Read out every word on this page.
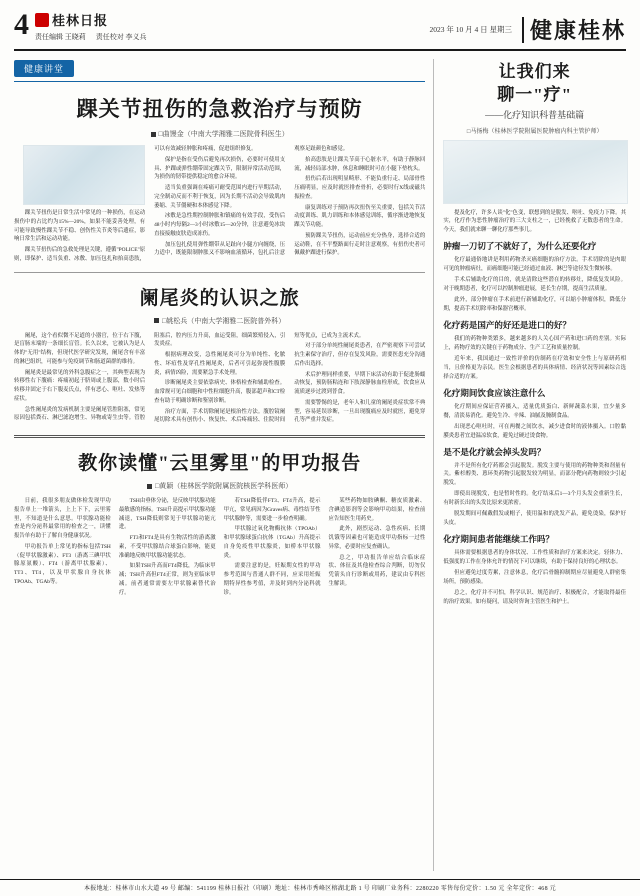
4 桂林日报
责任编辑 王晓莉 责任校对 李义兵
2023 年 10 月 4 日 星期三 健康桂林
健康讲堂
踝关节扭伤的急救治疗与预防
□曲馒金（中南大学湘雅二医院骨科医生）

踝关节扭伤是日常生活中常见的一种损伤，在运动损伤中的占比约为15%—20%，如果不能妥善处理，有可能导致慢性踝关节不稳、创伤性关节炎等后遗症，影响日常生活和运动功能。

踝关节扭伤后的急救处理是关键，遵循"POLICE"原则，即保护、适当负重、冰敷、加压包扎和抬高患肢，可以有效减轻肿胀和疼痛，促进组织修复。

保护是指在受伤后避免再次损伤，必要时可使用支具、护踝或弹性绷带固定踝关节，限制异常活动范围，为损伤的韧带提供稳定的愈合环境。

适当负重强调在疼痛可耐受范围内进行早期活动，完全制动反而不利于恢复，因为长期不活动会导致肌肉萎缩、关节僵硬和本体感觉下降。

冰敷是急性期控制肿胀和镇痛的有效手段，受伤后48小时内每隔2—3小时冰敷15—20分钟，注意避免冰块直接接触皮肤造成冻伤。

加压包扎使用弹性绷带从足趾向小腿方向缠绕，压力适中，既能限制肿胀又不影响血液循环，包扎后注意观察足趾颜色和感觉。

抬高患肢是让踝关节高于心脏水平，有助于静脉回流，减轻局部水肿，休息和睡眠时可在小腿下垫枕头。

扭伤后若出现明显畸形、不能负重行走、局部骨性压痛明显，应及时就医排查骨折，必要时行X线或磁共振检查。

康复训练对于预防再次扭伤至关重要，包括关节活动度训练、肌力训练和本体感觉训练，循序渐进地恢复踝关节功能。

预防踝关节扭伤，运动前应充分热身，选择合适的运动鞋，在不平整路面行走时注意观察，有扭伤史者可佩戴护踝进行保护。

阑尾炎的认识之旅
□姚松兵（中南大学湘雅二医院普外科）

阑尾，这个看似微不足道的小器官，位于右下腹，是盲肠末端的一条细长盲管。长久以来，它被认为是人体的"无用"结构，但现代医学研究发现，阑尾含有丰富的淋巴组织，可能参与免疫调节和肠道菌群的维持。

阑尾炎是最常见的外科急腹症之一，其典型表现为转移性右下腹痛：疼痛初起于脐周或上腹部，数小时后转移并固定于右下腹麦氏点，伴有恶心、呕吐、发热等症状。

急性阑尾炎的发病机制主要是阑尾管腔阻塞，常见原因包括粪石、淋巴滤泡增生、异物或寄生虫等。管腔阻塞后，腔内压力升高，血运受阻，细菌繁殖侵入，引发炎症。

根据病理改变，急性阑尾炎可分为单纯性、化脓性、坏疽性及穿孔性阑尾炎，后者可引起弥漫性腹膜炎，病情凶险，需要紧急手术处理。

诊断阑尾炎主要依靠病史、体格检查和辅助检查。血常规可见白细胞和中性粒细胞升高，腹部超声和CT检查有助于明确诊断和鉴别诊断。

治疗方面，手术切除阑尾是根治性方法。腹腔镜阑尾切除术具有创伤小、恢复快、术后疼痛轻、住院时间短等优点，已成为主流术式。

对于部分单纯性阑尾炎患者，在严密观察下可尝试抗生素保守治疗，但存在复发风险，需要医患充分沟通后作出选择。

术后护理同样重要，早期下床活动有助于促进肠蠕动恢复，预防肠粘连和下肢深静脉血栓形成，饮食应从流质逐步过渡到普食。

需要警惕的是，老年人和儿童的阑尾炎症状常不典型，容易延误诊断，一旦出现腹痛应及时就医，避免穿孔等严重并发症。

教你读懂"云里雾里"的甲功报告
□黄颖（桂林医学院附属医院核医学科医师）

日前，我很多朋友做体检发现甲功报告单上一堆箭头，上上下下，云里雾里，不知道是什么意思。甲状腺功能检查是内分泌科最常用的检查之一，读懂报告单有助于了解自身健康状况。

甲功报告单上常见的指标包括TSH（促甲状腺激素）、FT3（游离三碘甲状腺原氨酸）、FT4（游离甲状腺素）、TT3、TT4，以及甲状腺自身抗体TPOAb、TGAb等。

TSH由垂体分泌，是反映甲状腺功能最敏感的指标。TSH升高提示甲状腺功能减退，TSH降低则常见于甲状腺功能亢进。

FT3和FT4是具有生物活性的游离激素，不受甲状腺结合球蛋白影响，能更准确地反映甲状腺功能状态。

如果TSH升高而FT4降低，为临床甲减；TSH升高但FT4正常，则为亚临床甲减。前者通常需要左甲状腺素替代治疗。

若TSH降低伴FT3、FT4升高，提示甲亢，常见病因为Graves病、毒性结节性甲状腺肿等，需要进一步检查明确。

甲状腺过氧化物酶抗体（TPOAb）和甲状腺球蛋白抗体（TGAb）升高提示自身免疫性甲状腺炎，如桥本甲状腺炎。

需要注意的是，妊娠期女性的甲功参考范围与普通人群不同，应采用妊娠期特异性参考值，并及时到内分泌科就诊。

某些药物如胺碘酮、糖皮质激素、含碘造影剂等会影响甲功结果，检查前应告知医生用药史。

此外，剧烈运动、急性疾病、长期饥饿等因素也可能造成甲功指标一过性异常，必要时应复查确认。

总之，甲功报告单应结合临床症状、体征及其他检查综合判断，切勿仅凭箭头自行诊断或用药，建议由专科医生解读。

让我们来
聊一"疗"
——化疗知识科普基础篇
□马扬梅（桂林医学院附属医院肿瘤内科主管护师）

提及化疗，许多人谈"化"色变，联想到的是脱发、呕吐、免疫力下降。其实，化疗作为恶性肿瘤治疗的三大支柱之一，已经挽救了无数患者的生命。今天，我们就来聊一聊化疗那些事儿。

肿瘤一刀切了不就好了，为什么还要化疗

化疗最通俗地讲是利用药物杀灭癌细胞的治疗方法。手术切除的是肉眼可见的肿瘤病灶，而癌细胞可能已经通过血液、淋巴等途径发生微转移。

手术后辅助化疗的目的，就是清除这些潜在的转移灶，降低复发风险。对于晚期患者，化疗可以控制肿瘤进展，延长生存期，提高生活质量。

此外，部分肿瘤在手术前进行新辅助化疗，可以缩小肿瘤体积，降低分期，提高手术切除率和保器官概率。

化疗药是国产的好还是进口的好？

我们的药物种类繁多，越来越多的人关心国产药和进口药的差别。实际上，药物疗效的关键在于药物成分、生产工艺和质量控制。

近年来，我国通过一致性评价的仿制药在疗效和安全性上与原研药相当，且价格更为亲民。医生会根据患者的具体病情、经济状况等因素综合选择合适的方案。

化疗期间饮食应该注意什么

化疗期间应保证营养摄入，适量优质蛋白、新鲜蔬菜水果，宜少量多餐，清淡易消化。避免生冷、辛辣、油腻及腌制食品。

出现恶心呕吐时，可在两餐之间饮水，减少进食时的液体摄入。口腔黏膜炎患者宜进温凉软食，避免过硬过烫食物。

是不是化疗就会掉头发吗？

并不是所有化疗药都会引起脱发。脱发主要与使用的药物种类和剂量有关。紫杉醇类、蒽环类药物引起脱发较为明显，而部分靶向药物则较少引起脱发。

即使出现脱发，也是暂时性的。化疗结束后1—3个月头发会重新生长，有时新长出的头发比原来更浓密。

脱发期间可佩戴假发或帽子，使用温和的洗发产品，避免烫染，保护好头皮。

化疗期间患者能继续工作吗？

具体需要根据患者的身体状况、工作性质和治疗方案来决定。轻体力、低强度的工作在身体允许的情况下可以继续，有助于保持良好的心理状态。

但应避免过度劳累，注意休息，化疗后骨髓抑制期应尽量避免人群密集场所，预防感染。

总之，化疗并不可怕，科学认识、规范治疗、积极配合，才能取得最佳的治疗效果。如有疑问，请及时咨询主管医生和护士。

本报地址：桂林市山水大道 49 号 邮编：541199 桂林日报社（印刷）地址：桂林市秀峰区榕湖北路 1 号 印刷厂业务科：2280220 零售每份定价：1.50 元 全年定价：468 元
